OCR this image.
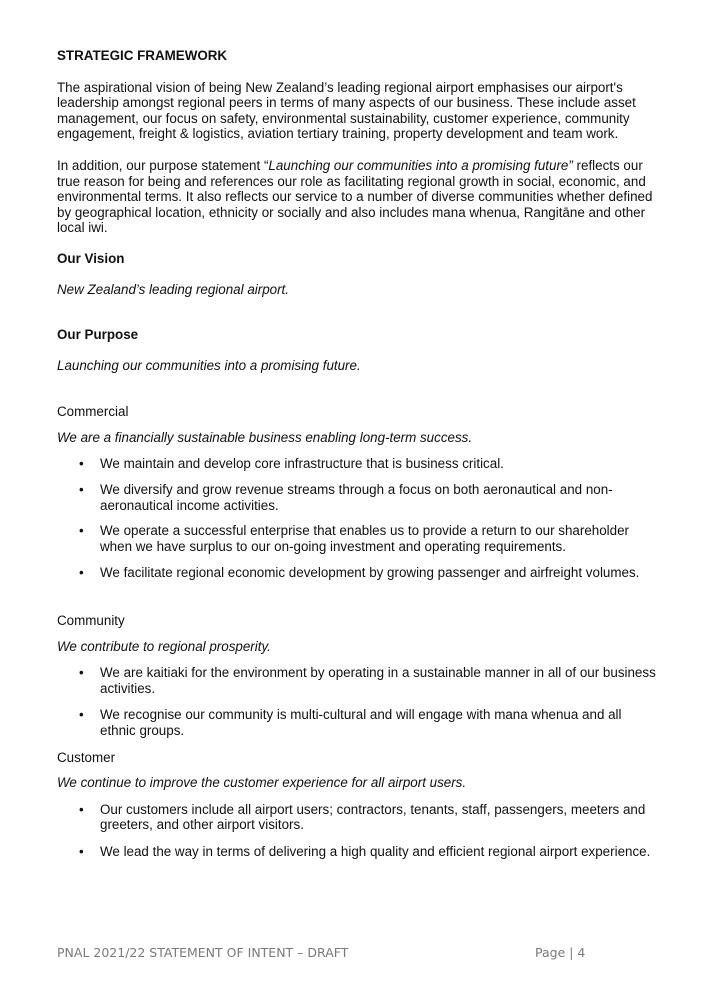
STRATEGIC FRAMEWORK

The aspirational vision of being New Zealand’s leading regional airport emphasises our airport's leadership amongst regional peers in terms of many aspects of our business. These include asset management, our focus on safety, environmental sustainability, customer experience, community engagement, freight & logistics, aviation tertiary training, property development and team work.

In addition, our purpose statement “Launching our communities into a promising future” reflects our true reason for being and references our role as facilitating regional growth in social, economic, and environmental terms. It also reflects our service to a number of diverse communities whether defined by geographical location, ethnicity or socially and also includes mana whenua, Rangitāne and other local iwi.

Our Vision

New Zealand’s leading regional airport.

Our Purpose

Launching our communities into a promising future.

Commercial

We are a financially sustainable business enabling long-term success.

• We maintain and develop core infrastructure that is business critical.
• We diversify and grow revenue streams through a focus on both aeronautical and non-aeronautical income activities.
• We operate a successful enterprise that enables us to provide a return to our shareholder when we have surplus to our on-going investment and operating requirements.
• We facilitate regional economic development by growing passenger and airfreight volumes.

Community

We contribute to regional prosperity.

• We are kaitiaki for the environment by operating in a sustainable manner in all of our business activities.
• We recognise our community is multi-cultural and will engage with mana whenua and all ethnic groups.

Customer

We continue to improve the customer experience for all airport users.

• Our customers include all airport users; contractors, tenants, staff, passengers, meeters and greeters, and other airport visitors.
• We lead the way in terms of delivering a high quality and efficient regional airport experience.
PNAL 2021/22 STATEMENT OF INTENT – DRAFT	Page | 4
